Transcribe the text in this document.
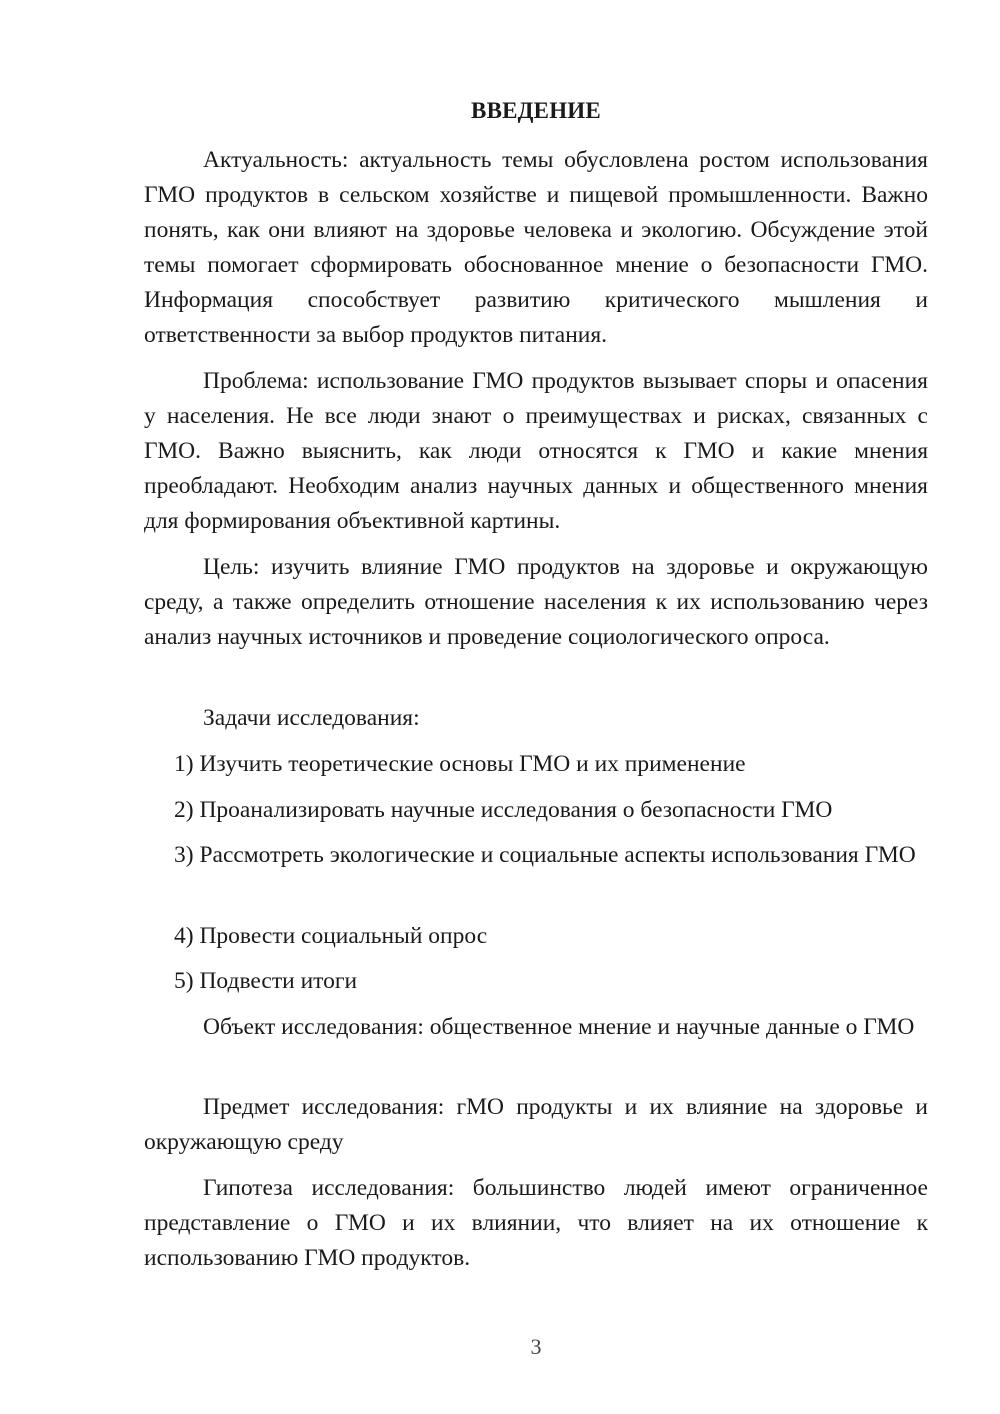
ВВЕДЕНИЕ
Актуальность: актуальность темы обусловлена ростом использования ГМО продуктов в сельском хозяйстве и пищевой промышленности. Важно понять, как они влияют на здоровье человека и экологию. Обсуждение этой темы помогает сформировать обоснованное мнение о безопасности ГМО. Информация способствует развитию критического мышления и ответственности за выбор продуктов питания.
Проблема: использование ГМО продуктов вызывает споры и опасения у населения. Не все люди знают о преимуществах и рисках, связанных с ГМО. Важно выяснить, как люди относятся к ГМО и какие мнения преобладают. Необходим анализ научных данных и общественного мнения для формирования объективной картины.
Цель: изучить влияние ГМО продуктов на здоровье и окружающую среду, а также определить отношение населения к их использованию через анализ научных источников и проведение социологического опроса.
Задачи исследования:
1) Изучить теоретические основы ГМО и их применение
2) Проанализировать научные исследования о безопасности ГМО
3) Рассмотреть экологические и социальные аспекты использования ГМО
4) Провести социальный опрос
5) Подвести итоги
Объект исследования: общественное мнение и научные данные о ГМО
Предмет исследования: гМО продукты и их влияние на здоровье и окружающую среду
Гипотеза исследования: большинство людей имеют ограниченное представление о ГМО и их влиянии, что влияет на их отношение к использованию ГМО продуктов.
3
